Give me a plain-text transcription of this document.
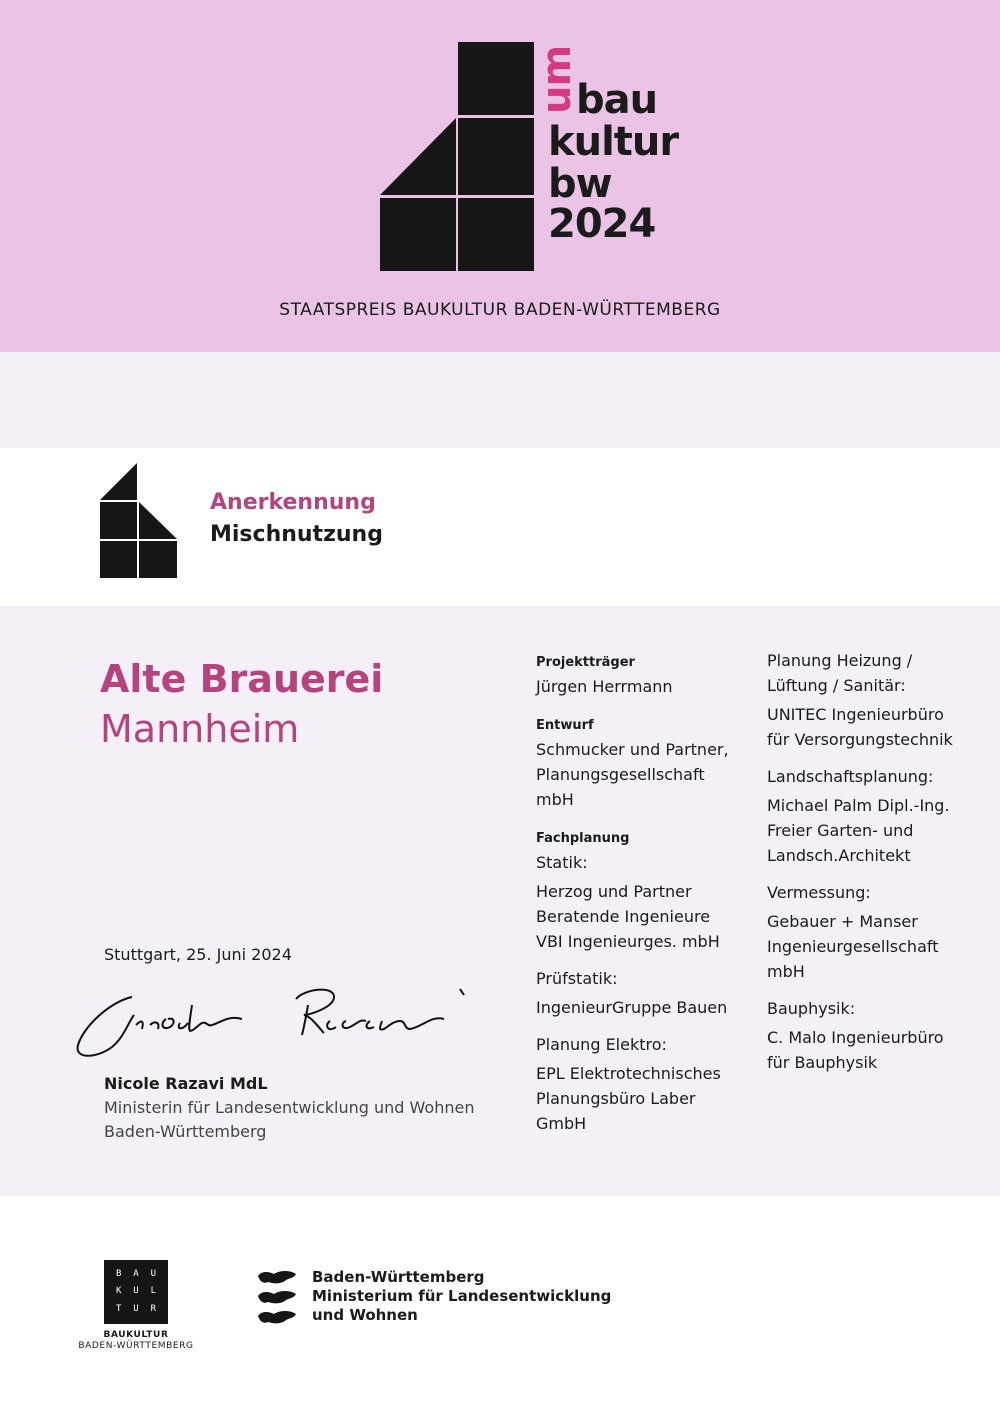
um
bau
kultur
bw
2024
STAATSPREIS BAUKULTUR BADEN-WÜRTTEMBERG
Anerkennung
Mischnutzung
Alte Brauerei
Mannheim
Projektträger
Jürgen Herrmann
Entwurf
Schmucker und Partner,
Planungsgesellschaft
mbH
Fachplanung
Statik:
Herzog und Partner
Beratende Ingenieure
VBI Ingenieurges. mbH
Prüfstatik:
IngenieurGruppe Bauen
Planung Elektro:
EPL Elektrotechnisches
Planungsbüro Laber
GmbH
Planung Heizung /
Lüftung / Sanitär:
UNITEC Ingenieurbüro
für Versorgungstechnik
Landschaftsplanung:
Michael Palm Dipl.-Ing.
Freier Garten- und
Landsch.Architekt
Vermessung:
Gebauer + Manser
Ingenieurgesellschaft
mbH
Bauphysik:
C. Malo Ingenieurbüro
für Bauphysik
Stuttgart, 25. Juni 2024
Nicole Razavi MdL
Ministerin für Landesentwicklung und Wohnen
Baden-Württemberg
B	A	U
K	U	L
T	U	R
BAUKULTUR
BADEN-WÜRTTEMBERG
Baden-Württemberg
Ministerium für Landesentwicklung
und Wohnen
